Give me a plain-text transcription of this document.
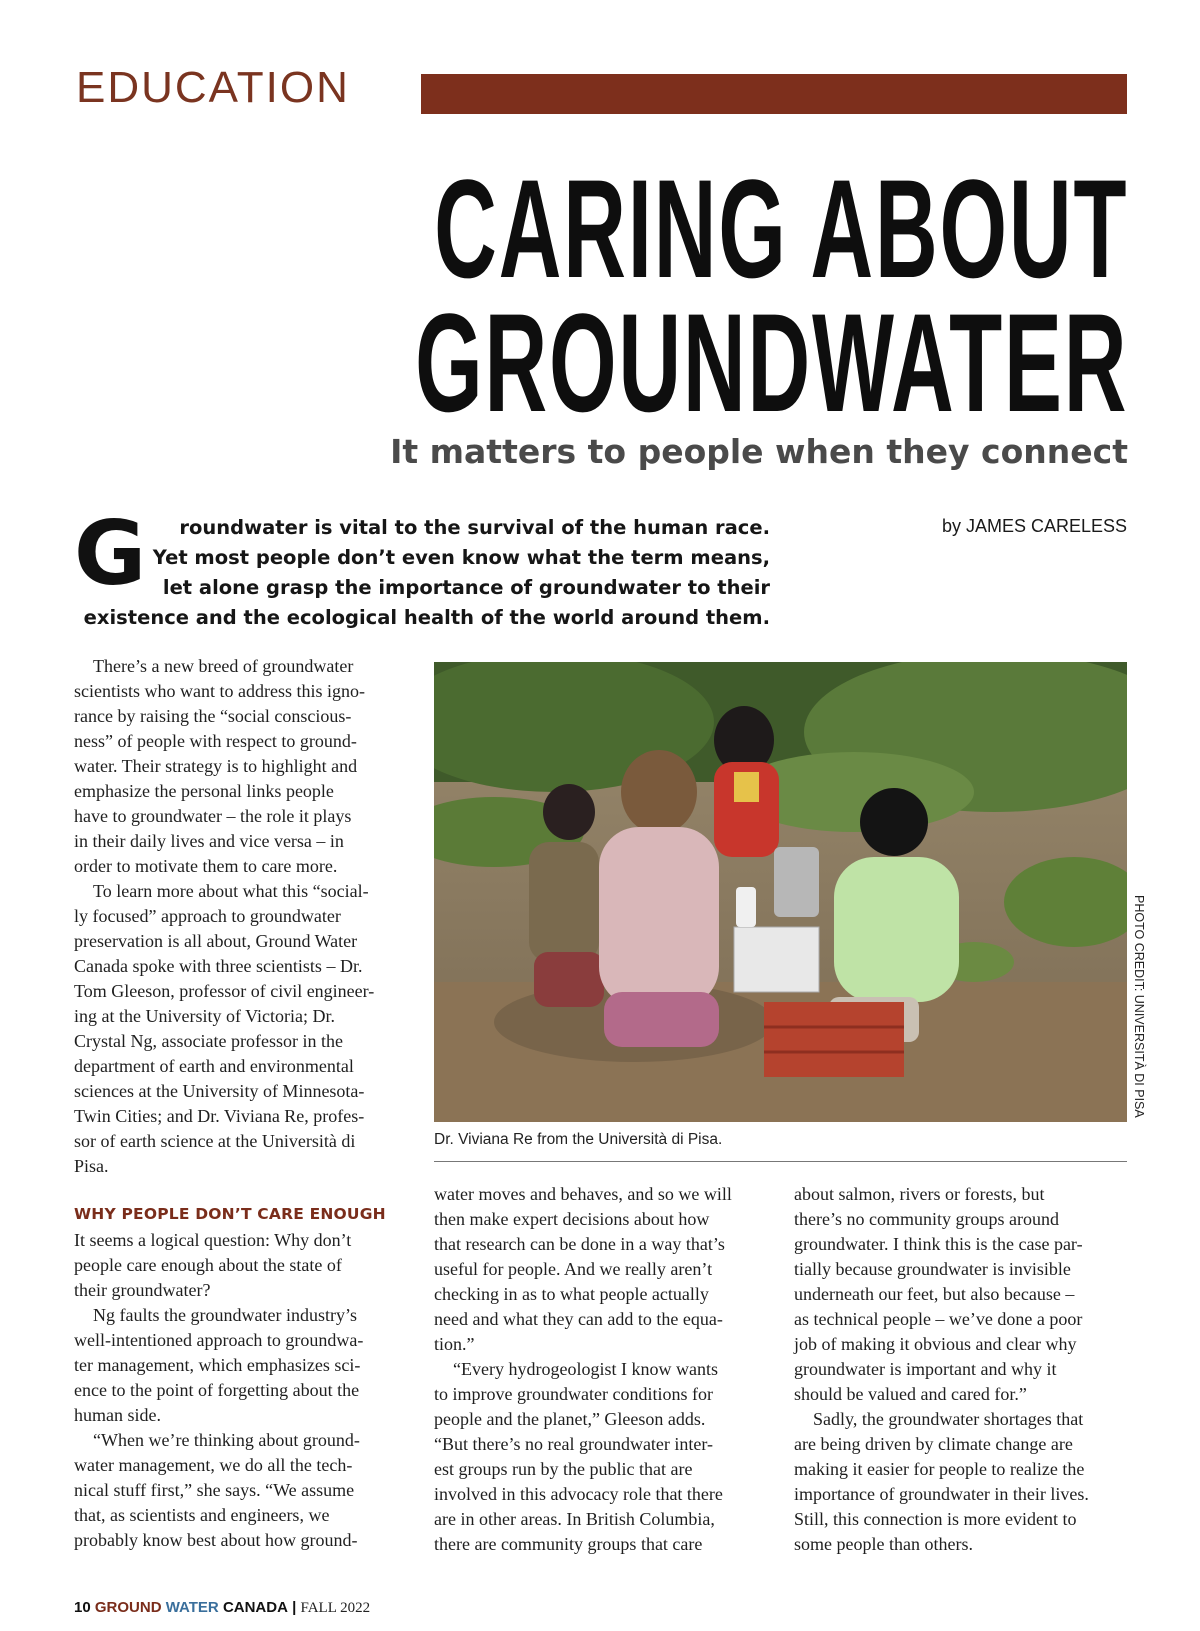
EDUCATION
CARING ABOUT
GROUNDWATER
It matters to people when they connect
G	roundwater is vital to the survival of the human race.
Yet most people don’t even know what the term means,
let alone grasp the importance of groundwater to their
existence and the ecological health of the world around them.
by JAMES CARELESS
There’s a new breed of groundwater
scientists who want to address this igno-
rance by raising the “social conscious-
ness” of people with respect to ground-
water. Their strategy is to highlight and
emphasize the personal links people
have to groundwater – the role it plays
in their daily lives and vice versa – in
order to motivate them to care more.
To learn more about what this “social-
ly focused” approach to groundwater
preservation is all about, Ground Water
Canada spoke with three scientists – Dr.
Tom Gleeson, professor of civil engineer-
ing at the University of Victoria; Dr.
Crystal Ng, associate professor in the
department of earth and environmental
sciences at the University of Minnesota-
Twin Cities; and Dr. Viviana Re, profes-
sor of earth science at the Università di
Pisa.
WHY PEOPLE DON’T CARE ENOUGH
It seems a logical question: Why don’t
people care enough about the state of
their groundwater?
Ng faults the groundwater industry’s
well-intentioned approach to groundwa-
ter management, which emphasizes sci-
ence to the point of forgetting about the
human side.
“When we’re thinking about ground-
water management, we do all the tech-
nical stuff first,” she says. “We assume
that, as scientists and engineers, we
probably know best about how ground-
PHOTO CREDIT: UNIVERSITÀ DI PISA
Dr. Viviana Re from the Università di Pisa.
water moves and behaves, and so we will
then make expert decisions about how
that research can be done in a way that’s
useful for people. And we really aren’t
checking in as to what people actually
need and what they can add to the equa-
tion.”
“Every hydrogeologist I know wants
to improve groundwater conditions for
people and the planet,” Gleeson adds.
“But there’s no real groundwater inter-
est groups run by the public that are
involved in this advocacy role that there
are in other areas. In British Columbia,
there are community groups that care
about salmon, rivers or forests, but
there’s no community groups around
groundwater. I think this is the case par-
tially because groundwater is invisible
underneath our feet, but also because –
as technical people – we’ve done a poor
job of making it obvious and clear why
groundwater is important and why it
should be valued and cared for.”
Sadly, the groundwater shortages that
are being driven by climate change are
making it easier for people to realize the
importance of groundwater in their lives.
Still, this connection is more evident to
some people than others.
10 GROUND WATER CANADA | FALL 2022
